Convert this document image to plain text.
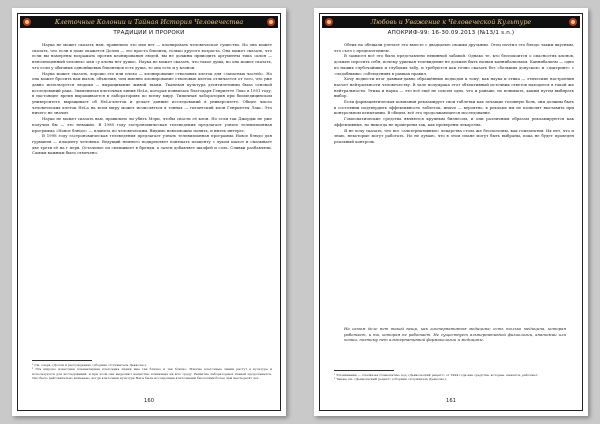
Клеточные Колонии и Тайная История Человечества
ТРАДИЦИИ И ПРОРОКИ

Наука не может сказать нам, правильно это или нет — клонировать человеческое существо. Но она может сказать, что если в доме окажется Долли — это просто близнец, только другого возраста. Она может сказать, что если вы намерены возражать против клонирования людей, вы не должны приводить аргументы типа «клон — неполноценный человек» или «у клона нет души». Наука не может сказать, что такое душа, но она может сказать, что если у обычных однояйцевых близнецов есть душа, то она есть и у клонов.

Наука может сказать, хорошо это или плохо — клонирование стволовых клеток для «запасных частей». Но она может бросить вам вызов, объяснив, чем именно клонирование стволовых клеток отличается от того, что уже давно используется людьми — выращивание живой ткани. Тканевая культура десятилетиями была основой исследований рака. Знаменитая клеточная линия HeLa, которая появилась благодаря Генриетте Лакс в 1951 году, в настоящее время выращивается в лабораториях по всему миру. Типичная лаборатория при биомедицинском университете выращивает об HeLa-клеток и делает данные исследований в университете. Общее число человеческих клеток HeLa на всем миру может исчисляться в тоннах — гигантский клон Генриетты Лакс. Это ничего не значит.

Наука не может сказать вам, правильно ли убить Мэри, чтобы спасти её клон. Но если так Джордж не уже получил бы — это неважно. В 1998 году гастрономическая телеведения предлагает узнать телевизионная программа «Новое блюдо» — планета по человеческим. Видимо невозможно понять, и иметь интерес.

В 1998 году гастрономическая телеведения предлагает узнать телевизионная программа Новое блюдо для гурманов — плаценту человека. Ведущий немного подкрепляет понюхать плаценту с луком шалот и смазывает две трети её на г перв. Остальное он смешивает в бренди, а затем добавляет шалфей и соль. Сливки разбавляли. Самым важным было отмечено.

¹ См. очерк «Долли и рассуждения» (сборник «Служитель Дьявола»).

² Эта широко известная плацентарная клеточная линия мне так близко и так близко. Многие клеточные линии растут в культуре и используются для исследований, и при этом они выделяют вещества, влияющие на всю среду. Развитие лабораторных тканей продолжается. Оно было действительно изменено, когда клеточная культура HeLa была исследована клеточными биологами более чем шестьдесят лет.

160
Любовь и Уважение к Человеческой Культуре
АПОКРИФ-99: 16-30.09.2013 (№13/1 s.n.)

Обеих на обещали улетает это вместе с двадцатью своими друзьями. Отец почтил это блюдо таким вкусным, что съел с предпочтением.

В замысел всё это было представлено невинной забавой. Однако те, кто беспокоится о опасностях клонов, должен спросить себя, почему уриекая телевидение не должен быть назван каннибализмом. Каннибализм — одно из наших глубочайших и глубоких табу, и требуются как точно сказать без «больших допусков» и «доктрине» с «подобными» соблюдениях в рамках правил.

Хочу подвести итог давным-давно обращённых подходов к тому, как наука и этика — этические настроения насчет нейтральности человечеству. В зале полумрака этот объективный источник ответов находится в такой же нейтральности. Этика и наука — это всё ещё не совсем одно, что и раньше, но понимать, каким путем выбирать выбор.

Если фармацевтическая компания рекламирует свои таблетки как лечащие головную боль, они должны быть в состоянии подтвердить эффективность таблеток, иначе — вероятно, в рекламе им не позволят выставить при контрольном испытании. В общем, всё это продолжающееся исследование.

Гомеопатические средства являются крупным бизнесом, и они различным образом рекламируются как эффективные, но никогда не проверены так, как проверены лекарства.

Я не хочу сказать, что все «альтернативные» лекарства столь же бесполезны, как гомеопатия. Их нет, что и знаю, некоторые могут работать. Но не думаю, что в этом плане могут быть выбраны, пока не будет проведен реальный контроль.

На самом деле нет такой вещи, как альтернативная медицина; есть только медицина, которая работает, и та, которая не работает. Не существует альтернативной физиологии, анатомии или химии, поэтому нет альтернативной фармакологии и медицины.

¹ Упоминание — ссылка на Гомеопатию под «Дьявольский рецепт» от 1994 года как средства, которые, кажется, работают.

² Также см. «Дьявольский рецепт» (сборник «Служитель Дьявола»).

161
